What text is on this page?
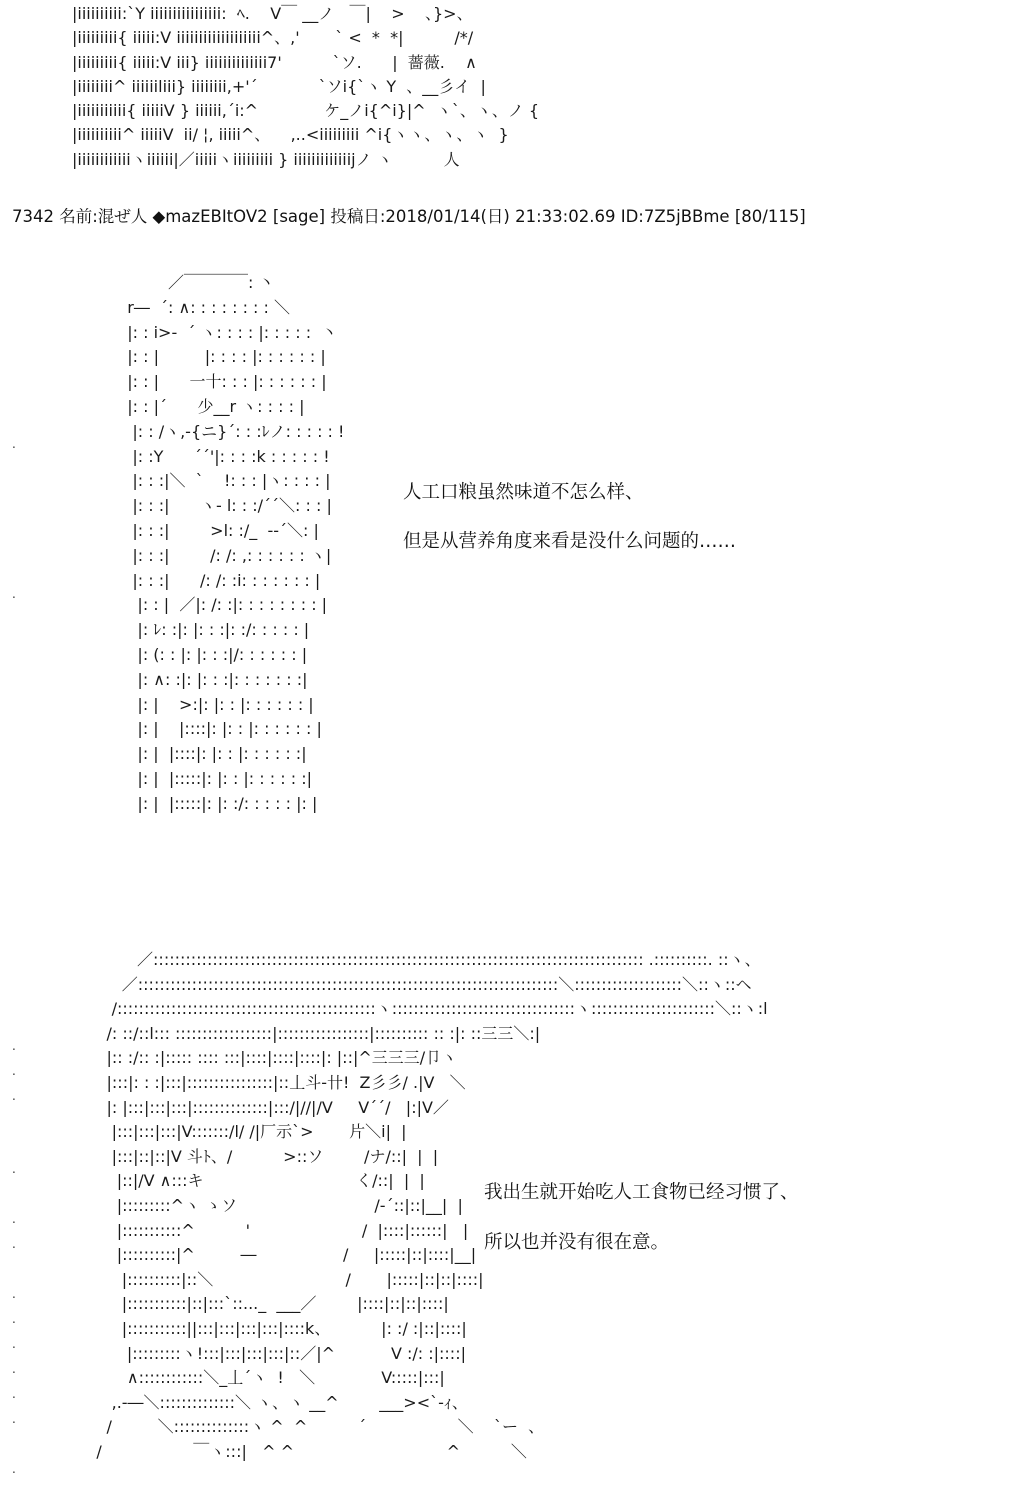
|iiiiiiiiii:`Y iiiiiiiiiiiiiiii:  ﾍ.    V￣ __ノ   ￣|    >    、}>、
|iiiiiiiii{ iiiii:V iiiiiiiiiiiiiiiiiii^、,'       ` <  *  *|          /*/
|iiiiiiiii{ iiiii:V iii} iiiiiiiiiiiiii7'          `ソ.      |  薔薇.    ∧
|iiiiiiii^ iiiiiiliii} iiiiiiii,+'´            `ソi{`ヽ Y  、__彡イ  |
|iiiiiiiiiii{ iiiiiV } iiiiii,´i:^             ケ_ノi{^i}|^  ヽ`、ヽ、ノ {
|iiiiiiiiii^ iiiiiV  ii/ ¦, iiiii^、    ,..<iiiiiiiii ^i{ヽヽ、ヽ、ヽ  }
|iiiiiiiiiiiiヽiiiiii|／iiiiiヽiiiiiiiii } iiiiiiiiiiiiijノ ヽ          人
7342 名前:混ぜ人 ◆mazEBItOV2 [sage] 投稿日:2018/01/14(日) 21:33:02.69 ID:7Z5jBBme [80/115]
／￣￣￣￣: 丶
r―  ´: ∧: : : : : : : : ＼
|: : i>-  ´ ヽ: : : : |: : : : :  丶
|: : |         |: : : : |: : : : : : |
|: : |      一十: : : |: : : : : : |
|: : |´      少__r ヽ: : : : |
|: : /ヽ,-{ニ}´: : :ﾚノ: : : : : !
|: :Y      ´´'|: : : :k : : : : : !
|: : :|＼  `    !: : : |ヽ: : : : |
|: : :|      ヽ- l: : :/´´＼: : : |
|: : :|        >l: :/_  -‐´＼: |
|: : :|        /: /: ,: : : : : : ヽ|
|: : :|      /: /: :i: : : : : : : |
|: : |  ／|: /: :|: : : : : : : : |
|: ﾚ: :|: |: : :|: :/: : : : : |
|: (: : |: |: : :|/: : : : : : |
|: ∧: :|: |: : :|: : : : : : :|
|: |    >:|: |: : |: : : : : : |
|: |    |::::|: |: : |: : : : : : |
|: |  |::::|: |: : |: : : : : :|
|: |  |:::::|: |: : |: : : : : :|
|: |  |:::::|: |: :/: : : : : |: |
人工口粮虽然味道不怎么样、
但是从营养角度来看是没什么问题的……
／::::::::::::::::::::::::::::::::::::::::::::::::::::::::::::::::::::::::::::::::::::::::::: .::::::::::. ::ヽ、
／::::::::::::::::::::::::::::::::::::::::::::::::::::::::::::::::::::::::::::::＼::::::::::::::::::::＼::ヽ::ヘ
/::::::::::::::::::::::::::::::::::::::::::::::::ヽ::::::::::::::::::::::::::::::::::ヽ:::::::::::::::::::::::＼::ヽ:l
/: ::/::l::: ::::::::::::::::::|:::::::::::::::::|:::::::::: :: :|: ::三三＼:|
|:: :/:: :|::::: :::: :::|::::|::::|::::|: |::|^三三三/卩ヽ
|:::|: : :|:::|::::::::::::::::|::丄斗‐卄!  Z彡彡/ .|V   ＼
|: |:::|:::|:::|::::::::::::::|:::/|//|/V     V´´/   |:|V／
|:::|:::|:::|V:::::::/l/ /|厂示`>       片＼i|  |
|:::|::|::|V 斗ﾄ、/          >::ソ        /ナ/::|  |  |
|::|/V ∧:::キ                              く/::|  |  |
|:::::::::^ヽ ゝソ                           /‐´::|::|__|  |
|:::::::::::^          '                      /  |::::|::::::|   |
|::::::::::|^         ―                 /     |:::::|::|::::|__|
|::::::::::|::＼                          /       |:::::|::|::|::::|
|:::::::::::|::|:::`::..._  ___／        |::::|::|::|::::|
|:::::::::::||:::|:::|:::|:::|::::k、          |: :/ :|::|::::|
|:::::::::ヽ!:::|:::|:::|:::|::／|^           V :/: :|::::|
∧::::::::::::＼_丄´ヽ  !   ＼             V:::::|:::|
,.-―＼::::::::::::::＼ ヽ、ヽ __^        ___><`‐ｨ、
/         ＼::::::::::::::ヽ ^  ^          ´                  ＼    `ー  、
/                  ￣ヽ:::|   ^ ^                              ^          ＼
我出生就开始吃人工食物已经习惯了、
所以也并没有很在意。
.
.
.
.
.
.
.
.
.
.
.
.
.
.
.
